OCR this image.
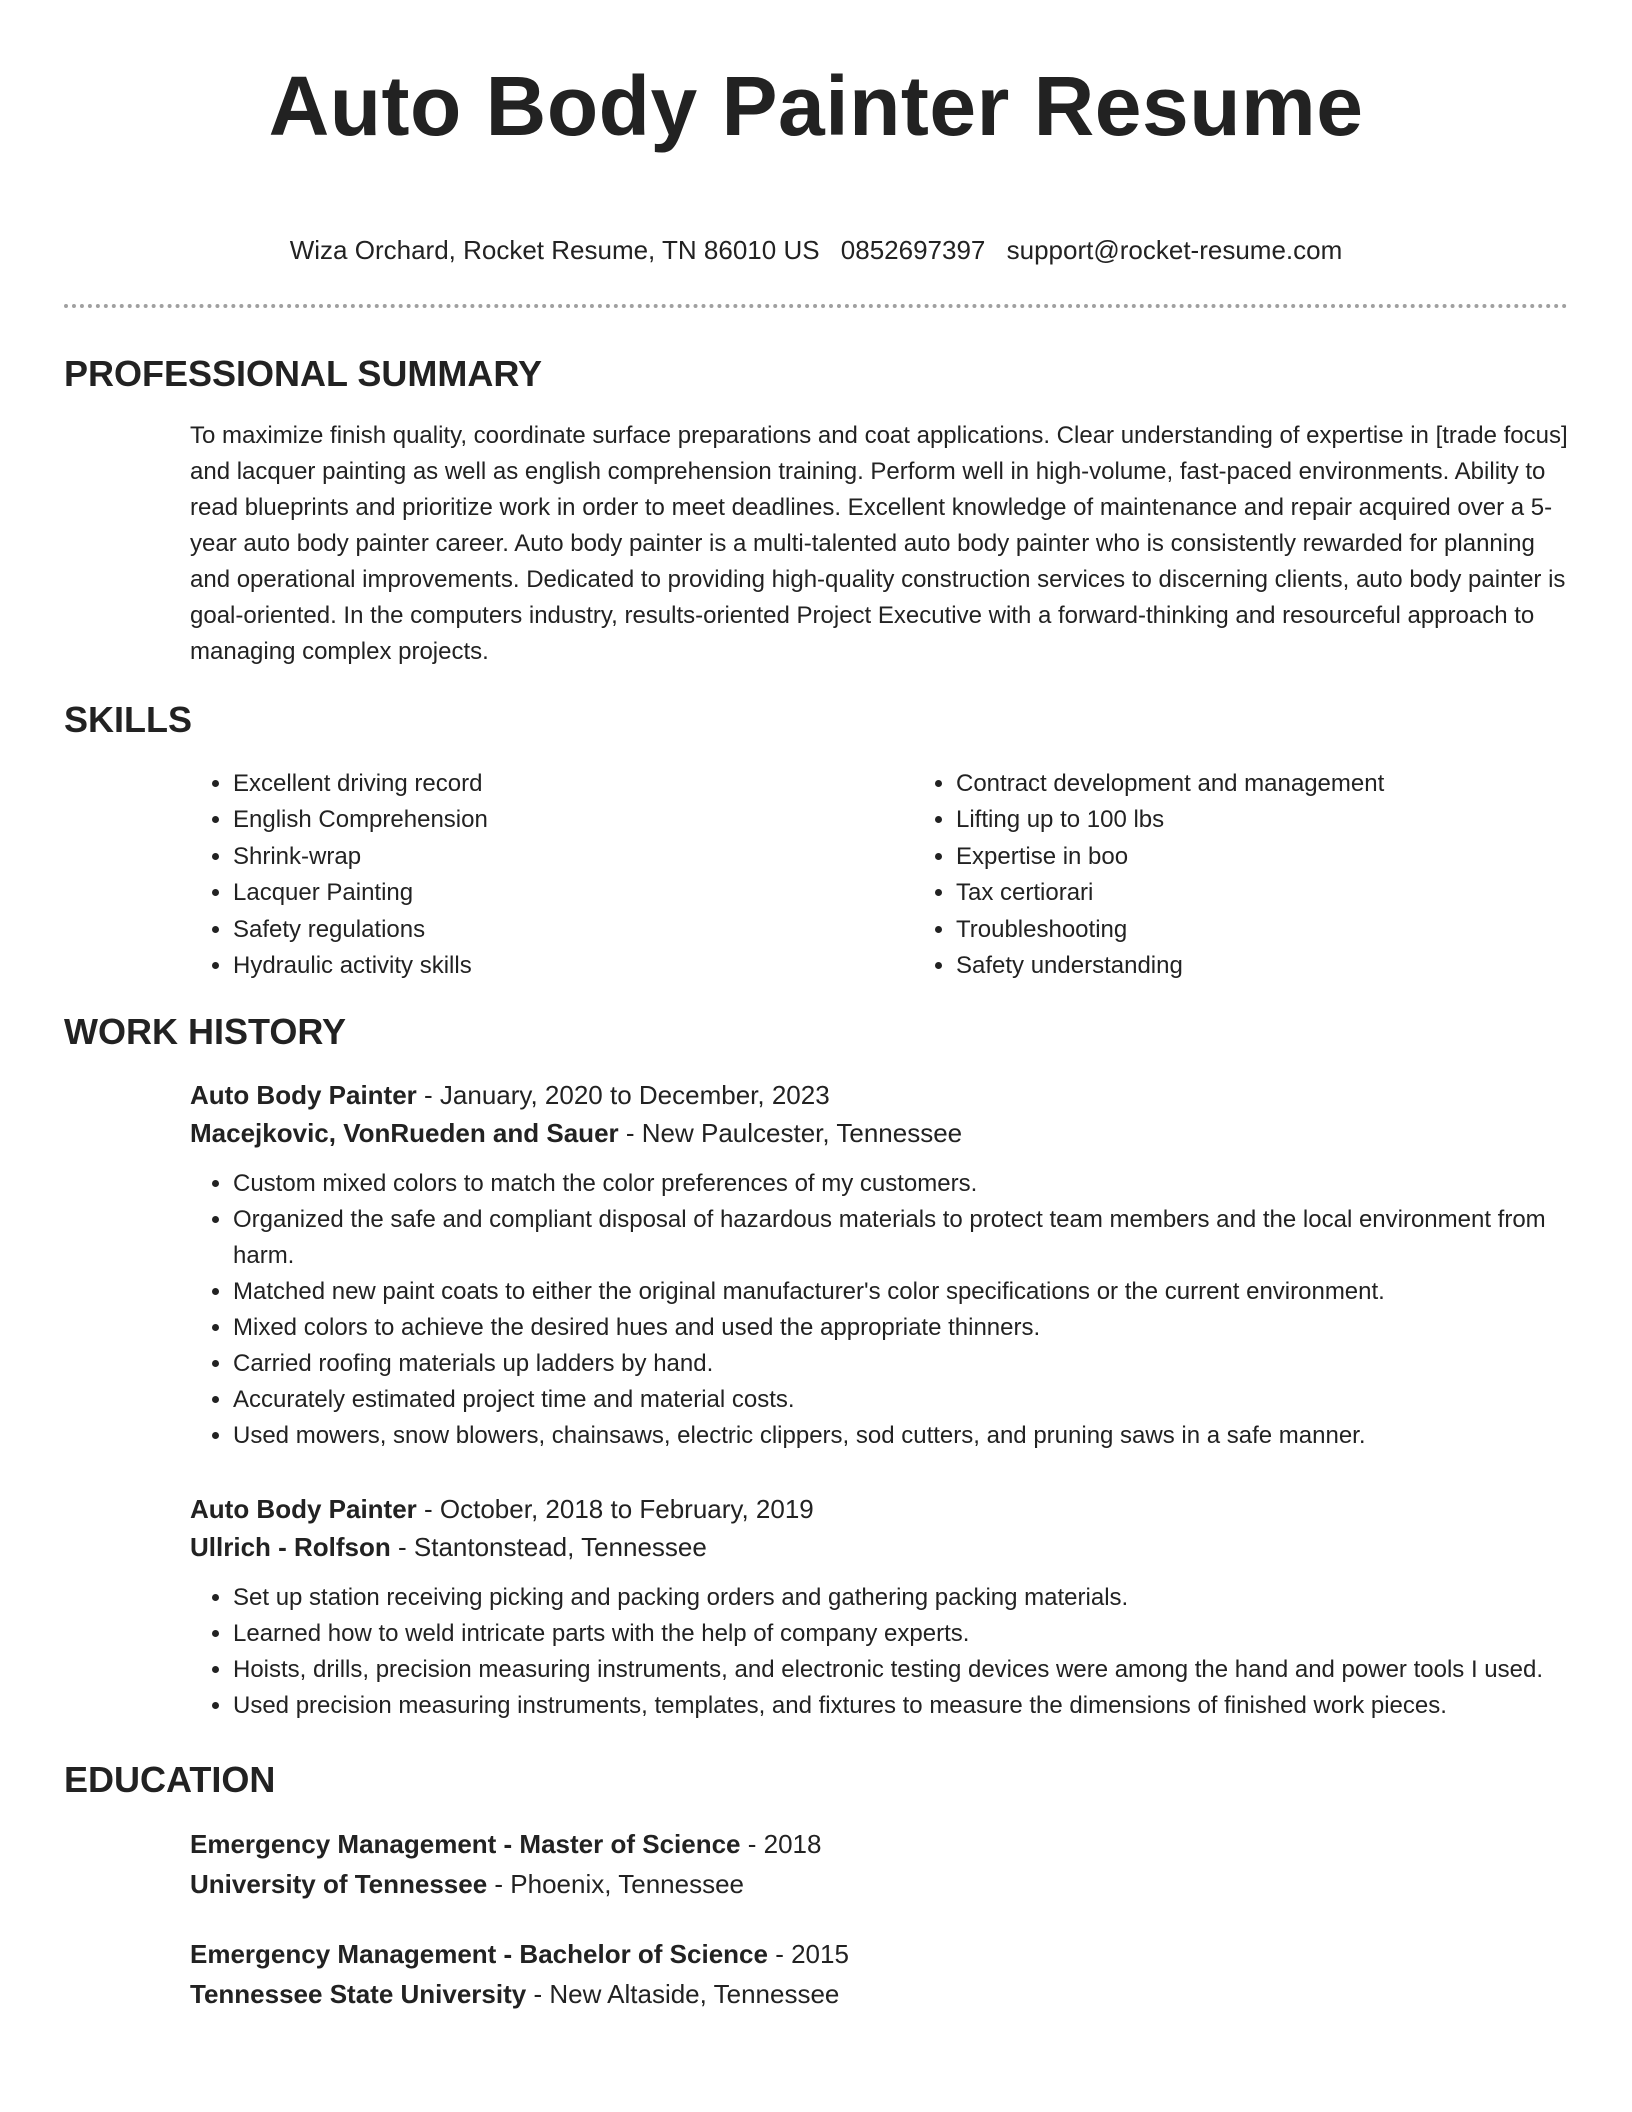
Auto Body Painter Resume
Wiza Orchard, Rocket Resume, TN 86010 US 0852697397 support@rocket-resume.com
PROFESSIONAL SUMMARY
To maximize finish quality, coordinate surface preparations and coat applications. Clear understanding of expertise in [trade focus] and lacquer painting as well as english comprehension training. Perform well in high-volume, fast-paced environments. Ability to read blueprints and prioritize work in order to meet deadlines. Excellent knowledge of maintenance and repair acquired over a 5-year auto body painter career. Auto body painter is a multi-talented auto body painter who is consistently rewarded for planning and operational improvements. Dedicated to providing high-quality construction services to discerning clients, auto body painter is goal-oriented. In the computers industry, results-oriented Project Executive with a forward-thinking and resourceful approach to managing complex projects.
SKILLS
• Excellent driving record
• English Comprehension
• Shrink-wrap
• Lacquer Painting
• Safety regulations
• Hydraulic activity skills
• Contract development and management
• Lifting up to 100 lbs
• Expertise in boo
• Tax certiorari
• Troubleshooting
• Safety understanding
WORK HISTORY
Auto Body Painter - January, 2020 to December, 2023
Macejkovic, VonRueden and Sauer - New Paulcester, Tennessee
• Custom mixed colors to match the color preferences of my customers.
• Organized the safe and compliant disposal of hazardous materials to protect team members and the local environment from harm.
• Matched new paint coats to either the original manufacturer's color specifications or the current environment.
• Mixed colors to achieve the desired hues and used the appropriate thinners.
• Carried roofing materials up ladders by hand.
• Accurately estimated project time and material costs.
• Used mowers, snow blowers, chainsaws, electric clippers, sod cutters, and pruning saws in a safe manner.
Auto Body Painter - October, 2018 to February, 2019
Ullrich - Rolfson - Stantonstead, Tennessee
• Set up station receiving picking and packing orders and gathering packing materials.
• Learned how to weld intricate parts with the help of company experts.
• Hoists, drills, precision measuring instruments, and electronic testing devices were among the hand and power tools I used.
• Used precision measuring instruments, templates, and fixtures to measure the dimensions of finished work pieces.
EDUCATION
Emergency Management - Master of Science - 2018
University of Tennessee - Phoenix, Tennessee
Emergency Management - Bachelor of Science - 2015
Tennessee State University - New Altaside, Tennessee
